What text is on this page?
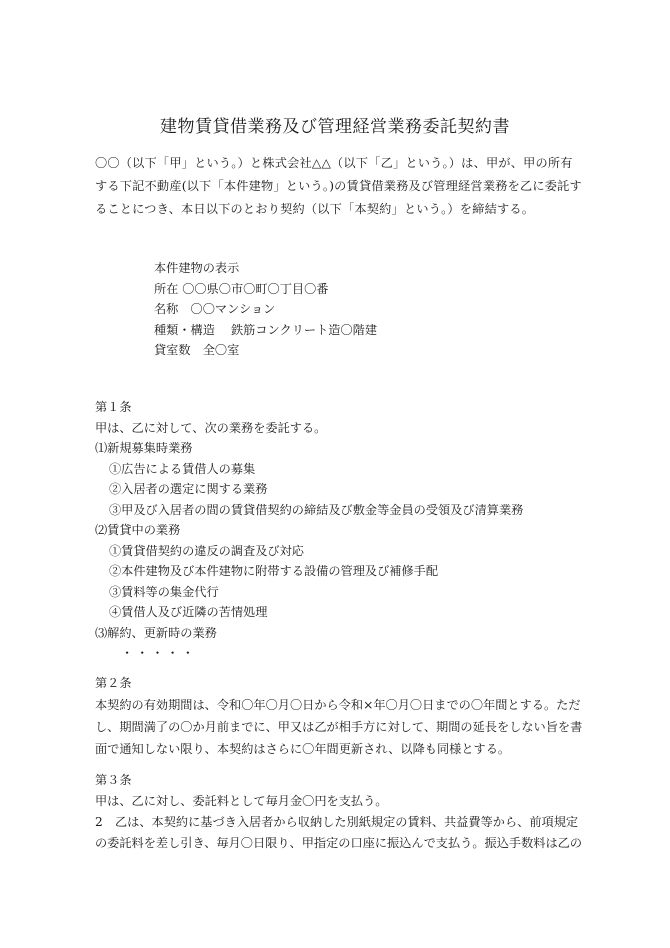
建物賃貸借業務及び管理経営業務委託契約書
〇〇（以下「甲」という。）と株式会社△△（以下「乙」という。）は、甲が、甲の所有
する下記不動産(以下「本件建物」という。)の賃貸借業務及び管理経営業務を乙に委託す
ることにつき、本日以下のとおり契約（以下「本契約」という。）を締結する。
本件建物の表示
所在 〇〇県〇市〇町〇丁目〇番
名称　〇〇マンション
種類・構造　 鉄筋コンクリート造〇階建
貸室数　全〇室
第１条
甲は、乙に対して、次の業務を委託する。
⑴新規募集時業務
①広告による賃借人の募集
②入居者の選定に関する業務
③甲及び入居者の間の賃貸借契約の締結及び敷金等金員の受領及び清算業務
⑵賃貸中の業務
①賃貸借契約の違反の調査及び対応
②本件建物及び本件建物に附帯する設備の管理及び補修手配
③賃料等の集金代行
④賃借人及び近隣の苦情処理
⑶解約、更新時の業務
・・・・・
第２条
本契約の有効期間は、令和〇年〇月〇日から令和×年〇月〇日までの〇年間とする。ただ
し、期間満了の〇か月前までに、甲又は乙が相手方に対して、期間の延長をしない旨を書
面で通知しない限り、本契約はさらに〇年間更新され、以降も同様とする。
第３条
甲は、乙に対し、委託料として毎月金〇円を支払う。
2　乙は、本契約に基づき入居者から収納した別紙規定の賃料、共益費等から、前項規定
の委託料を差し引き、毎月〇日限り、甲指定の口座に振込んで支払う。振込手数料は乙の
